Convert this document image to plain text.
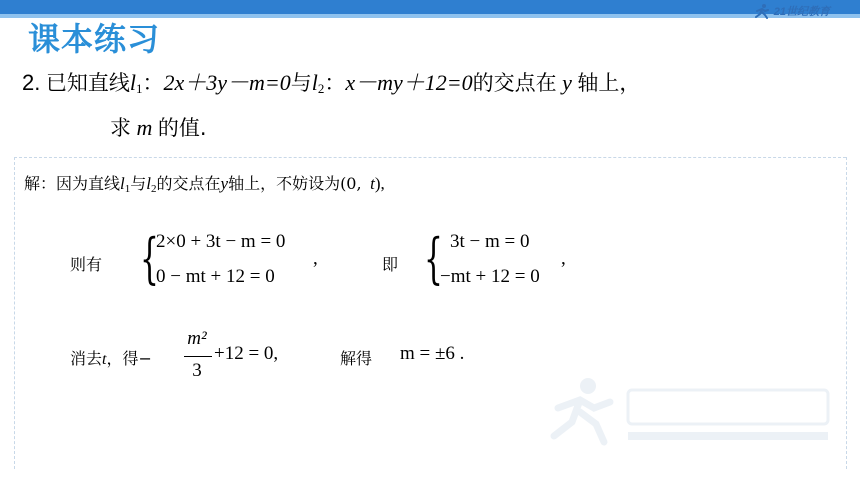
21世纪教育
课本练习
2. 已知直线$l_1$：2x＋3y－m=0与$l_2$：x－my＋12=0的交点在 y 轴上，
求 m 的值.
解：因为直线$l_1$与$l_2$的交点在y轴上，不妨设为(0, t),
则有 {
2×0 + 3t − m = 0
0 − mt + 12 = 0
,	即 { 3t − m = 0
−mt + 12 = 0
,
消去t，得−
m²
3
+12 = 0,	解得 m = ±6 .
